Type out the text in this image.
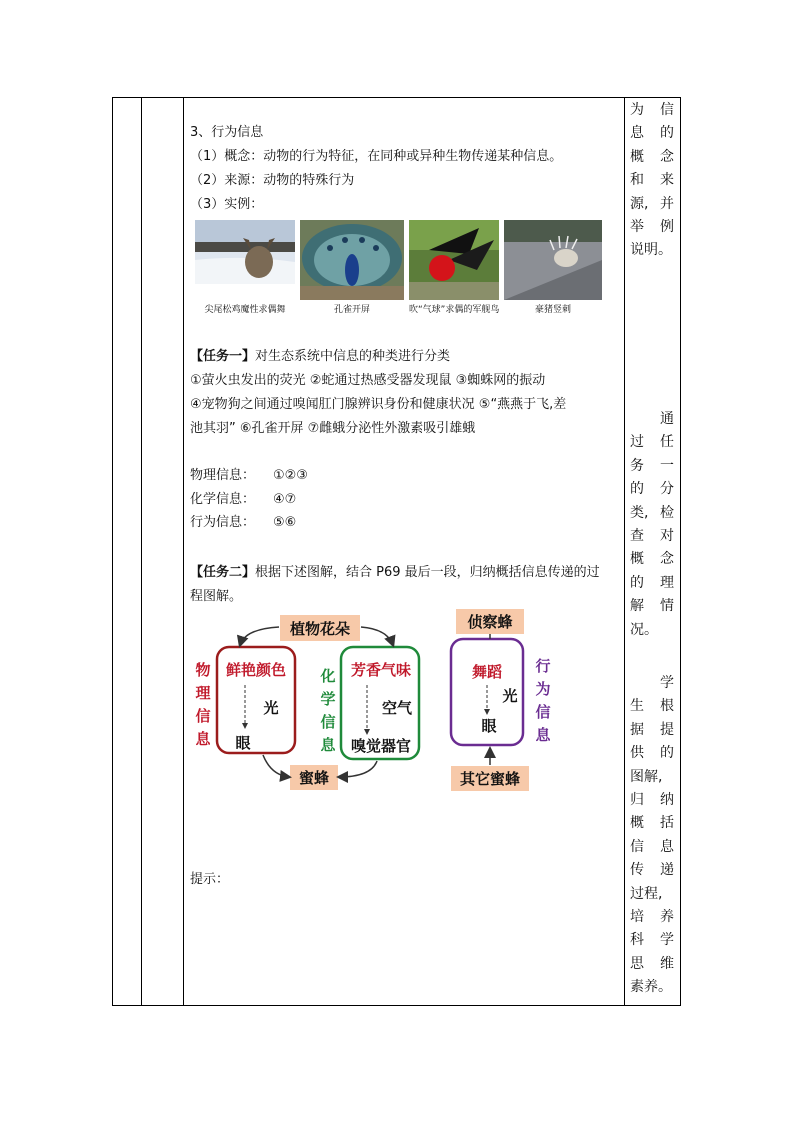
3、行为信息
（1）概念：动物的行为特征，在同种或异种生物传递某种信息。
（2）来源：动物的特殊行为
（3）实例：
尖尾松鸡魔性求偶舞	孔雀开屏	吹“气球”求偶的军舰鸟	豪猪竖刺
【任务一】对生态系统中信息的种类进行分类
①萤火虫发出的荧光 ②蛇通过热感受器发现鼠 ③蜘蛛网的振动
④宠物狗之间通过嗅闻肛门腺辨识身份和健康状况 ⑤“燕燕于飞,差
池其羽” ⑥孔雀开屏 ⑦雌蛾分泌性外激素吸引雄蛾
物理信息： ①②③
化学信息： ④⑦
行为信息： ⑤⑥
【任务二】根据下述图解，结合 P69 最后一段，归纳概括信息传递的过
程图解。
植物花朵
蜜蜂
鲜艳颜色
光
眼
物
理
信
息
芳香气味
空气
嗅觉器官
化
学
信
息
侦察蜂
舞蹈
光
眼
其它蜜蜂
行
为
信
息
提示：
为 信
息 的
概 念
和 来
源, 并
举 例
说明。
通
过 任
务 一
的 分
类, 检
查 对
概 念
的 理
解 情
况。
学
生 根
据 提
供 的
图解,
归 纳
概 括
信 息
传 递
过程,
培 养
科 学
思 维
素养。
